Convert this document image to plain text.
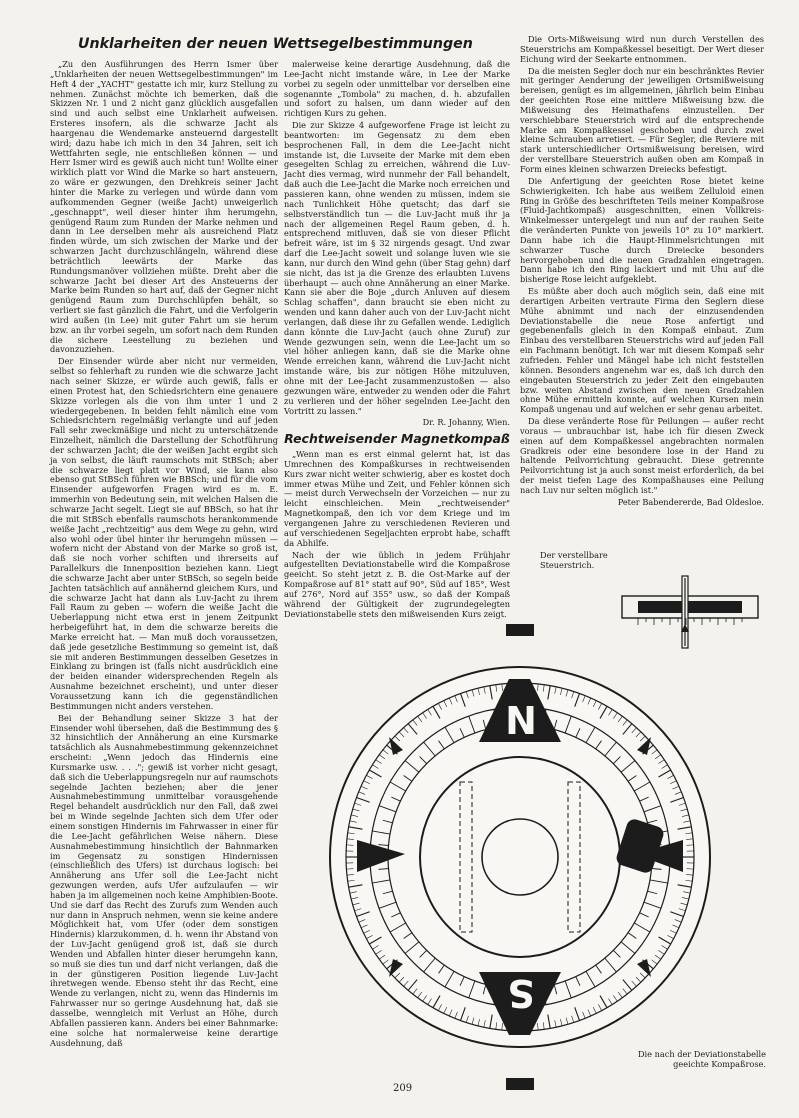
Unklarheiten der neuen Wettsegelbestimmungen

„Zu den Ausführungen des Herrn Ismer über „Unklarheiten der neuen Wettsegelbestimmungen" im Heft 4 der „YACHT" gestatte ich mir, kurz Stellung zu nehmen. Zunächst möchte ich bemerken, daß die Skizzen Nr. 1 und 2 nicht ganz glücklich ausgefallen sind und auch selbst eine Unklarheit aufweisen. Ersteres insofern, als die schwarze Jacht als haargenau die Wendemarke ansteuernd dargestellt wird; dazu habe ich mich in den 34 Jahren, seit ich Wettfahrten segle, nie entschließen können — und Herr Ismer wird es gewiß auch nicht tun! Wollte einer wirklich platt vor Wind die Marke so hart ansteuern, zo wäre er gezwungen, den Drehkreis seiner Jacht hinter die Marke zu verlegen und würde dann vom aufkommenden Gegner (weiße Jacht) unweigerlich „geschnappt", weil dieser hinter ihm herumgehn, genügend Raum zum Runden der Marke nehmen und dann in Lee derselben mehr als ausreichend Platz finden würde, um sich zwischen der Marke und der schwarzen Jacht durchzuschlängeln, während diese beträchtlich leewärts der Marke das Rundungsmanöver vollziehen müßte. Dreht aber die schwarze Jacht bei dieser Art des Ansteuerns der Marke beim Runden so hart auf, daß der Gegner nicht genügend Raum zum Durchschlüpfen behält, so verliert sie fast gänzlich die Fahrt, und die Verfolgerin wird außen (in Lee) mit guter Fahrt um sie herum bzw. an ihr vorbei segeln, um sofort nach dem Runden die sichere Leestellung zu beziehen und davonzuziehen.

Der Einsender würde aber nicht nur vermeiden, selbst so fehlerhaft zu runden wie die schwarze Jacht nach seiner Skizze, er würde auch gewiß, falls er einen Protest hat, den Schiedsrichtern eine genauere Skizze vorlegen als die von ihm unter 1 und 2 wiedergegebenen. In beiden fehlt nämlich eine vom Schiedsrichtern regelmäßig verlangte und auf jeden Fall sehr zweckmäßige und nicht zu unterschätzende Einzelheit, nämlich die Darstellung der Schotführung der schwarzen Jacht; die der weißen Jacht ergibt sich ja von selbst, die läuft raumschots mit StBSch; aber die schwarze liegt platt vor Wind, sie kann also ebenso gut StBSch führen wie BBSch; und für die vom Einsender aufgeworfen Fragen wird es m. E. immerhin von Bedeutung sein, mit welchen Halsen die schwarze Jacht segelt. Liegt sie auf BBSch, so hat ihr die mit StBSch ebenfalls raumschots herankommende weiße Jacht „rechtzeitig" aus dem Wege zu gehn, wird also wohl oder übel hinter ihr herumgehn müssen — wofern nicht der Abstand von der Marke so groß ist, daß sie noch vorher schiften und ihrerseits auf Parallelkurs die Innenposition beziehen kann. Liegt die schwarze Jacht aber unter StBSch, so segeln beide Jachten tatsächlich auf annähernd gleichem Kurs, und die schwarze Jacht hat dann als Luv-Jacht zu ihrem Fall Raum zu geben — wofern die weiße Jacht die Ueberlappung nicht etwa erst in jenem Zeitpunkt herbeigeführt hat, in dem die schwarze bereits die Marke erreicht hat. — Man muß doch voraussetzen, daß jede gesetzliche Bestimmung so gemeint ist, daß sie mit anderen Bestimmungen desselben Gesetzes in Einklang zu bringen ist (falls nicht ausdrücklich eine der beiden einander widersprechenden Regeln als Ausnahme bezeichnet erscheint), und unter dieser Voraussetzung kann ich die gegenständlichen Bestimmungen nicht anders verstehen.

Bei der Behandlung seiner Skizze 3 hat der Einsender wohl übersehen, daß die Bestimmung des § 32 hinsichtlich der Annäherung an eine Kursmarke tatsächlich als Ausnahmebestimmung gekennzeichnet erscheint: „Wenn jedoch das Hindernis eine Kursmarke usw. . . ."; gewiß ist vorher nicht gesagt, daß sich die Ueberlappungsregeln nur auf raumschots segelnde Jachten beziehen; aber die jener Ausnahmebestimmung unmittelbar vorausgehende Regel behandelt ausdrücklich nur den Fall, daß zwei bei m Winde segelnde Jachten sich dem Ufer oder einem sonstigen Hindernis im Fahrwasser in einer für die Lee-Jacht gefährlichen Weise nähern. Diese Ausnahmebestimmung hinsichtlich der Bahnmarken im Gegensatz zu sonstigen Hindernissen (einschließlich des Ufers) ist durchaus logisch: bei Annäherung ans Ufer soll die Lee-Jacht nicht gezwungen werden, aufs Ufer aufzulaufen — wir haben ja im allgemeinen noch keine Amphibien-Boote. Und sie darf das Recht des Zurufs zum Wenden auch nur dann in Anspruch nehmen, wenn sie keine andere Möglichkeit hat, vom Ufer (oder dem sonstigen Hindernis) klarzukommen, d. h. wenn ihr Abstand von der Luv-Jacht genügend groß ist, daß sie durch Wenden und Abfallen hinter dieser herumgehn kann, so muß sie dies tun und darf nicht verlangen, daß die in der günstigeren Position liegende Luv-Jacht ihretwegen wende. Ebenso steht ihr das Recht, eine Wende zu verlangen, nicht zu, wenn das Hindernis im Fahrwasser nur so geringe Ausdehnung hat, daß sie dasselbe, wenngleich mit Verlust an Höhe, durch Abfallen passieren kann. Anders bei einer Bahnmarke: eine solche hat normalerweise keine derartige Ausdehnung, daß

malerweise keine derartige Ausdehnung, daß die Lee-Jacht nicht imstande wäre, in Lee der Marke vorbei zu segeln oder unmittelbar vor derselben eine sogenannte „Tombola" zu machen, d. h. abzufallen und sofort zu halsen, um dann wieder auf den richtigen Kurs zu gehen.

Die zur Skizze 4 aufgeworfene Frage ist leicht zu beantworten: im Gegensatz zu dem eben besprochenen Fall, in dem die Lee-Jacht nicht imstande ist, die Luvseite der Marke mit dem eben gesegelten Schlag zu erreichen, während die Luv-Jacht dies vermag, wird nunmehr der Fall behandelt, daß auch die Lee-Jacht die Marke noch erreichen und passieren kann, ohne wenden zu müssen, indem sie nach Tunlichkeit Höhe quetscht; das darf sie selbstverständlich tun — die Luv-Jacht muß ihr ja nach der allgemeinen Regel Raum geben, d. h. entsprechend mitluven, daß sie von dieser Pflicht befreit wäre, ist im § 32 nirgends gesagt. Und zwar darf die Lee-Jacht soweit und solange luven wie sie kann, nur durch den Wind gehn (über Stag gehn) darf sie nicht, das ist ja die Grenze des erlaubten Luvens überhaupt — auch ohne Annäherung an einer Marke. Kann sie aber die Boje „durch Anluven auf diesem Schlag schaffen", dann braucht sie eben nicht zu wenden und kann daher auch von der Luv-Jacht nicht verlangen, daß diese ihr zu Gefallen wende. Lediglich dann könnte die Luv-Jacht (auch ohne Zuruf) zur Wende gezwungen sein, wenn die Lee-Jacht um so viel höher anliegen kann, daß sie die Marke ohne Wende erreichen kann, während die Luv-Jacht nicht imstande wäre, bis zur nötigen Höhe mitzuluven, ohne mit der Lee-Jacht zusammenzustoßen — also gezwungen wäre, entweder zu wenden oder die Fahrt zu verlieren und der höher segelnden Lee-Jacht den Vortritt zu lassen."

Dr. R. Johanny, Wien.

Rechtweisender Magnetkompaß

„Wenn man es erst einmal gelernt hat, ist das Umrechnen des Kompaßkurses in rechtweisenden Kurs zwar nicht weiter schwierig, aber es kostet doch immer etwas Mühe und Zeit, und Fehler können sich — meist durch Verwechseln der Vorzeichen — nur zu leicht einschleichen. Mein „rechtweisender" Magnetkompaß, den ich vor dem Kriege und im vergangenen Jahre zu verschiedenen Revieren und auf verschiedenen Segeljachten erprobt habe, schafft da Abhilfe.

Nach der wie üblich in jedem Frühjahr aufgestellten Deviationstabelle wird die Kompaßrose geeicht. So steht jetzt z. B. die Ost-Marke auf der Kompaßrose auf 81° statt auf 90°, Süd auf 185°, West auf 276°, Nord auf 355° usw., so daß der Kompaß während der Gültigkeit der zugrundegelegten Deviationstabelle stets den mißweisenden Kurs zeigt.

Die Orts-Mißweisung wird nun durch Verstellen des Steuerstrichs am Kompaßkessel beseitigt. Der Wert dieser Eichung wird der Seekarte entnommen.

Da die meisten Segler doch nur ein beschränktes Revier mit geringer Aenderung der jeweiligen Ortsmißweisung bereisen, genügt es im allgemeinen, jährlich beim Einbau der geeichten Rose eine mittlere Mißweisung bzw. die Mißweisung des Heimathafens einzustellen. Der verschiebbare Steuerstrich wird auf die entsprechende Marke am Kompaßkessel geschoben und durch zwei kleine Schrauben arretiert. — Für Segler, die Reviere mit stark unterschiedlicher Ortsmißweisung bereisen, wird der verstellbare Steuerstrich außen oben am Kompaß in Form eines kleinen schwarzen Dreiecks befestigt.

Die Anfertigung der geeichten Rose bietet keine Schwierigkeiten. Ich habe aus weißem Zelluloid einen Ring in Größe des beschrifteten Teils meiner Kompaßrose (Fluid-Jachtkompaß) ausgeschnitten, einen Vollkreis-Winkelmesser untergelegt und nun auf der rauhen Seite die veränderten Punkte von jeweils 10° zu 10° markiert. Dann habe ich die Haupt-Himmelsrichtungen mit schwarzer Tusche durch Dreiecke besonders hervorgehoben und die neuen Gradzahlen eingetragen. Dann habe ich den Ring lackiert und mit Uhu auf die bisherige Rose leicht aufgeklebt.

Es müßte aber doch auch möglich sein, daß eine mit derartigen Arbeiten vertraute Firma den Seglern diese Mühe abnimmt und nach der einzusendenden Deviationstabelle die neue Rose anfertigt und gegebenenfalls gleich in den Kompaß einbaut. Zum Einbau des verstellbaren Steuerstrichs wird auf jeden Fall ein Fachmann benötigt. Ich war mit diesem Kompaß sehr zufrieden. Fehler und Mängel habe ich nicht feststellen können. Besonders angenehm war es, daß ich durch den eingebauten Steuerstrich zu jeder Zeit den eingebauten bzw. weiten Abstand zwischen den neuen Gradzahlen ohne Mühe ermitteln konnte, auf welchen Kursen mein Kompaß ungenau und auf welchen er sehr genau arbeitet.

Da diese veränderte Rose für Peilungen — außer recht voraus — unbrauchbar ist, habe ich für diesen Zweck einen auf dem Kompaßkessel angebrachten normalen Gradkreis oder eine besondere lose in der Hand zu haltende Peilvorrichtung gebraucht. Diese getrennte Peilvorrichtung ist ja auch sonst meist erforderlich, da bei der meist tiefen Lage des Kompaßhauses eine Peilung nach Luv nur selten möglich ist."

Peter Babendererde, Bad Oldesloe.

Der verstellbare Steuerstrich.
N
S
Die nach der Deviationstabelle geeichte Kompaßrose.
209
